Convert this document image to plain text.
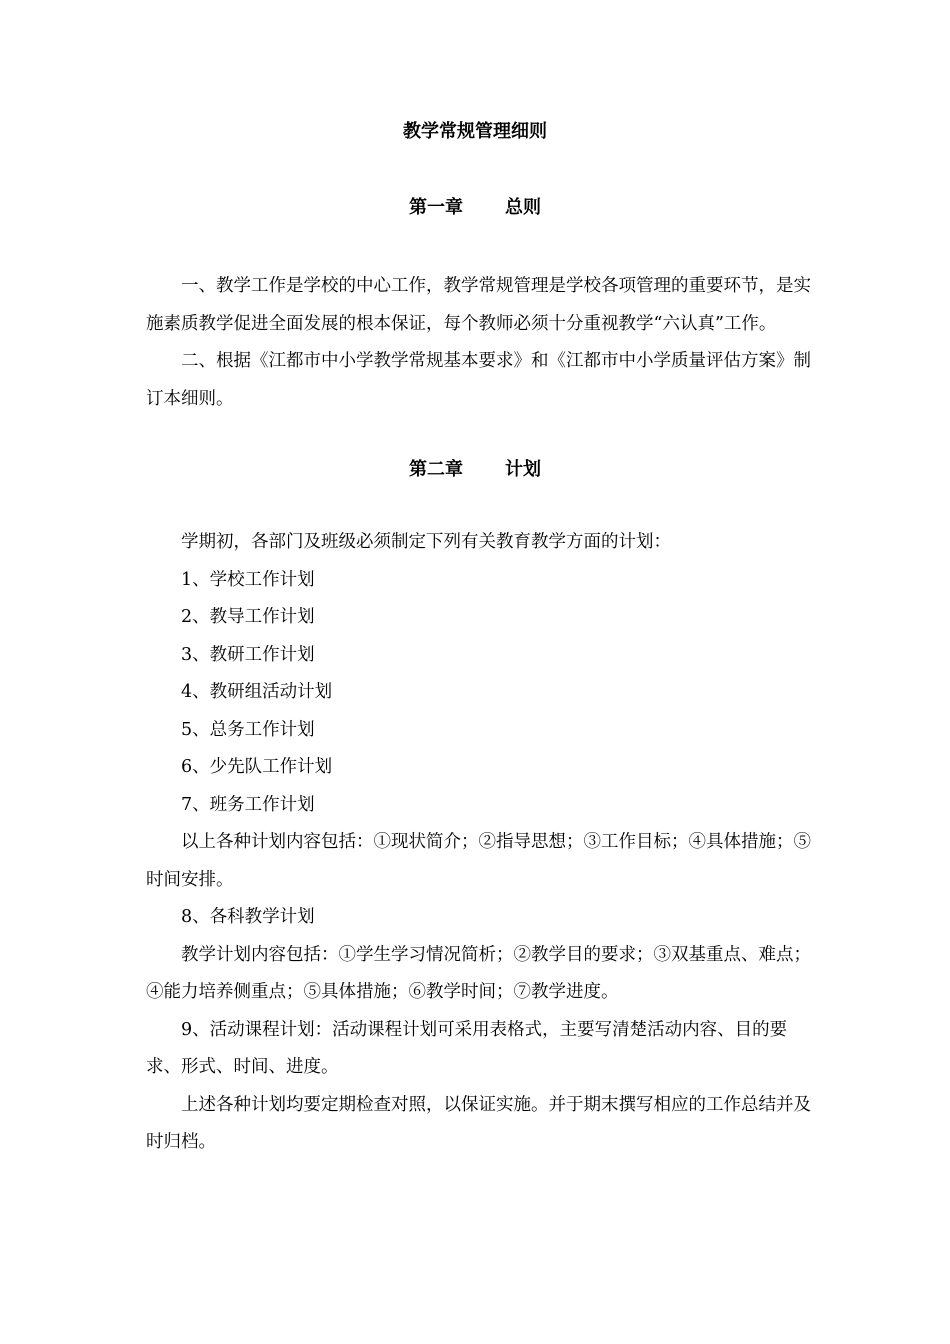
教学常规管理细则
第一章 总则

一、教学工作是学校的中心工作，教学常规管理是学校各项管理的重要环节，是实施素质教学促进全面发展的根本保证，每个教师必须十分重视教学“六认真”工作。

二、根据《江都市中小学教学常规基本要求》和《江都市中小学质量评估方案》制订本细则。

第二章 计划

学期初，各部门及班级必须制定下列有关教育教学方面的计划：

1、学校工作计划

2、教导工作计划

3、教研工作计划

4、教研组活动计划

5、总务工作计划

6、少先队工作计划

7、班务工作计划

以上各种计划内容包括：①现状简介；②指导思想；③工作目标；④具体措施；⑤时间安排。

8、各科教学计划

教学计划内容包括：①学生学习情况简析；②教学目的要求；③双基重点、难点；④能力培养侧重点；⑤具体措施；⑥教学时间；⑦教学进度。

9、活动课程计划：活动课程计划可采用表格式，主要写清楚活动内容、目的要求、形式、时间、进度。

上述各种计划均要定期检查对照，以保证实施。并于期末撰写相应的工作总结并及时归档。
